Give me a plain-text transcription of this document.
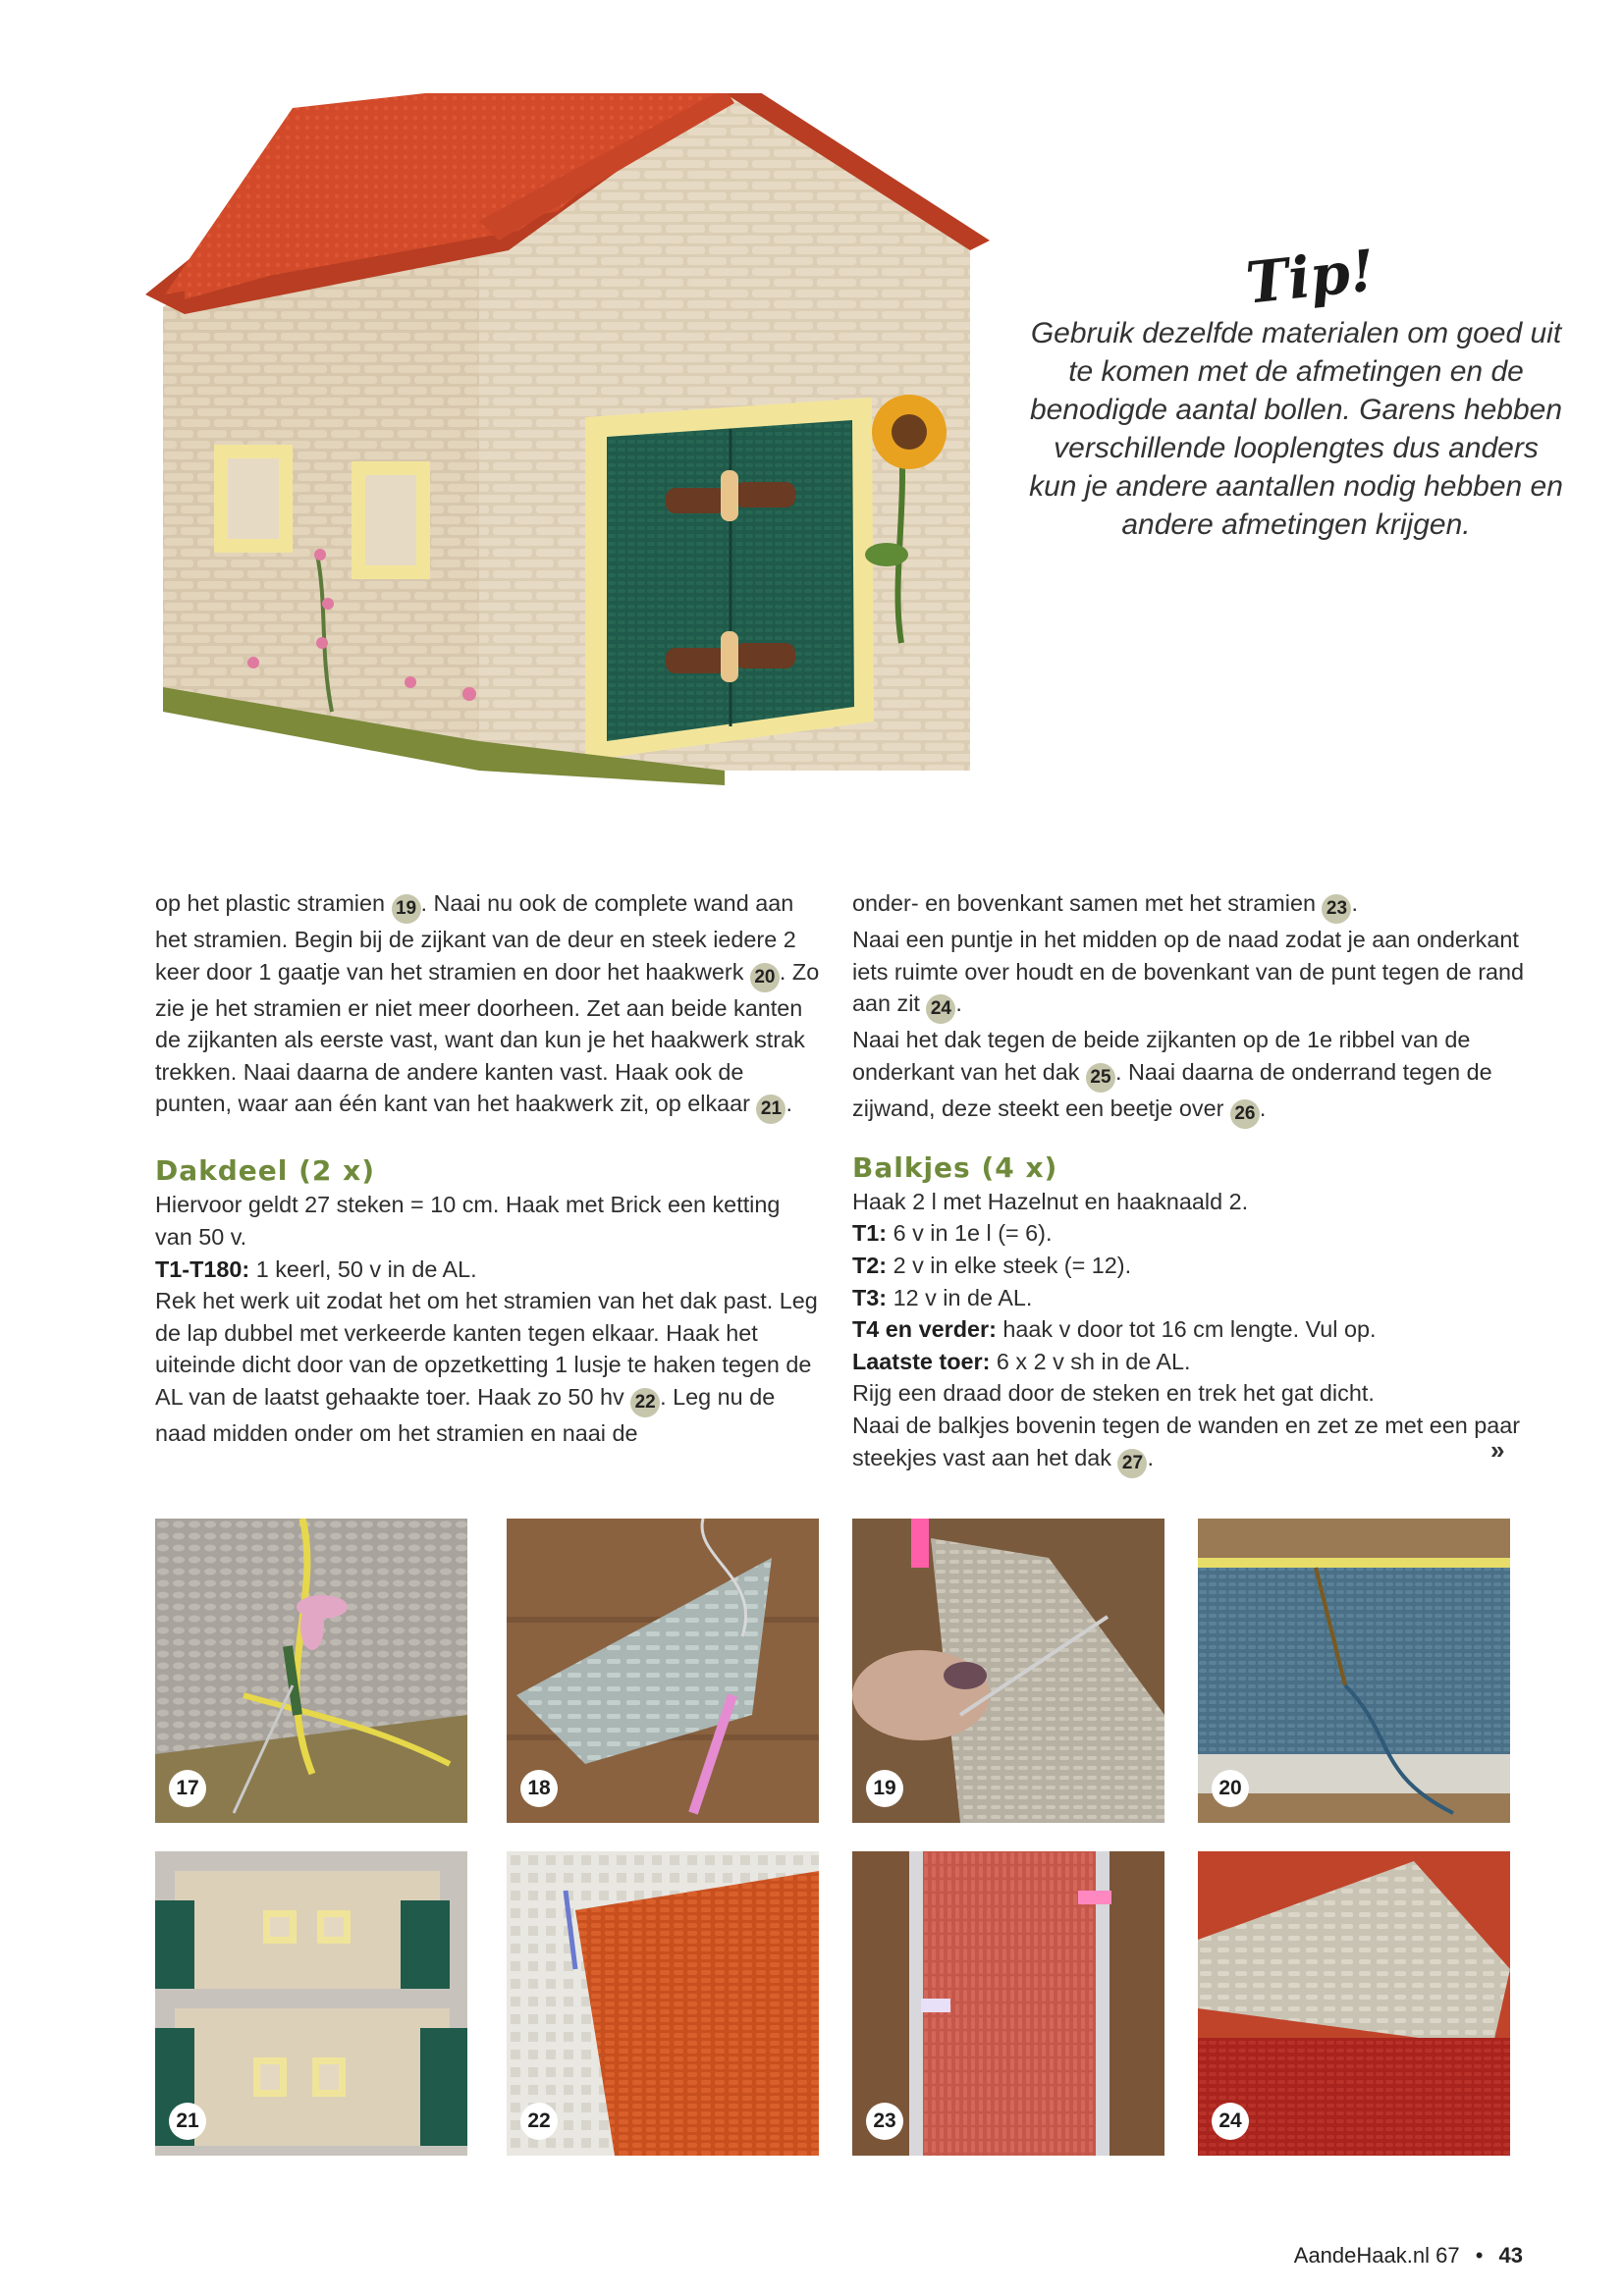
Tip!
Gebruik dezelfde materialen om goed uit te komen met de afmetingen en de benodigde aantal bollen. Garens hebben verschillende looplengtes dus anders kun je andere aantallen nodig hebben en andere afmetingen krijgen.

op het plastic stramien 19 . Naai nu ook de complete wand aan het stramien. Begin bij de zijkant van de deur en steek iedere 2 keer door 1 gaatje van het stramien en door het haakwerk 20 . Zo zie je het stramien er niet meer doorheen. Zet aan beide kanten de zijkanten als eerste vast, want dan kun je het haakwerk strak trekken. Naai daarna de andere kanten vast. Haak ook de punten, waar aan één kant van het haakwerk zit, op elkaar 21 .

Dakdeel (2 x)

Hiervoor geldt 27 steken = 10 cm. Haak met Brick een ketting van 50 v.

T1-T180: 1 keerl, 50 v in de AL.

Rek het werk uit zodat het om het stramien van het dak past. Leg de lap dubbel met verkeerde kanten tegen elkaar. Haak het uiteinde dicht door van de opzetketting 1 lusje te haken tegen de AL van de laatst gehaakte toer. Haak zo 50 hv 22 . Leg nu de naad midden onder om het stramien en naai de

onder- en bovenkant samen met het stramien 23 .

Naai een puntje in het midden op de naad zodat je aan onderkant iets ruimte over houdt en de bovenkant van de punt tegen de rand aan zit 24 .

Naai het dak tegen de beide zijkanten op de 1e ribbel van de onderkant van het dak 25 . Naai daarna de onderrand tegen de zijwand, deze steekt een beetje over 26 .

Balkjes (4 x)

Haak 2 l met Hazelnut en haaknaald 2.

T1: 6 v in 1e l (= 6).

T2: 2 v in elke steek (= 12).

T3: 12 v in de AL.

T4 en verder: haak v door tot 16 cm lengte. Vul op.

Laatste toer: 6 x 2 v sh in de AL.

Rijg een draad door de steken en trek het gat dicht.

Naai de balkjes bovenin tegen de wanden en zet ze met een paar steekjes vast aan het dak 27 .	»
17	18	19	20
21	22	23	24
AandeHaak.nl 67 • 43
